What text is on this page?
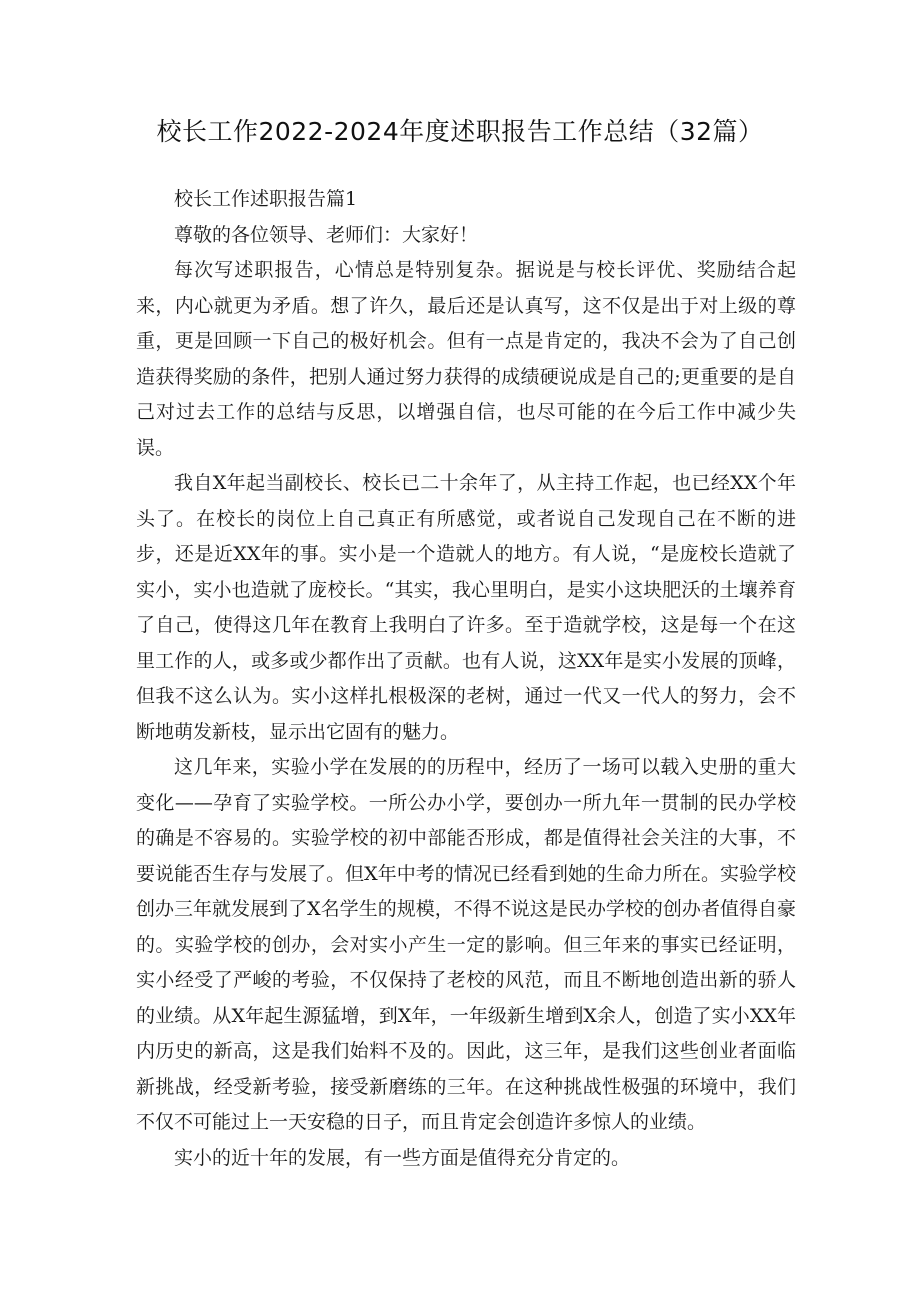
校长工作2022-2024年度述职报告工作总结（32篇）

校长工作述职报告篇1

尊敬的各位领导、老师们：大家好！

每次写述职报告，心情总是特别复杂。据说是与校长评优、奖励结合起来，内心就更为矛盾。想了许久，最后还是认真写，这不仅是出于对上级的尊重，更是回顾一下自己的极好机会。但有一点是肯定的，我决不会为了自己创造获得奖励的条件，把别人通过努力获得的成绩硬说成是自己的;更重要的是自己对过去工作的总结与反思，以增强自信，也尽可能的在今后工作中减少失误。

我自X年起当副校长、校长已二十余年了，从主持工作起，也已经XX个年头了。在校长的岗位上自己真正有所感觉，或者说自己发现自己在不断的进步，还是近XX年的事。实小是一个造就人的地方。有人说，“是庞校长造就了实小，实小也造就了庞校长。“其实，我心里明白，是实小这块肥沃的土壤养育了自己，使得这几年在教育上我明白了许多。至于造就学校，这是每一个在这里工作的人，或多或少都作出了贡献。也有人说，这XX年是实小发展的顶峰，但我不这么认为。实小这样扎根极深的老树，通过一代又一代人的努力，会不断地萌发新枝，显示出它固有的魅力。

这几年来，实验小学在发展的的历程中，经历了一场可以载入史册的重大变化——孕育了实验学校。一所公办小学，要创办一所九年一贯制的民办学校的确是不容易的。实验学校的初中部能否形成，都是值得社会关注的大事，不要说能否生存与发展了。但X年中考的情况已经看到她的生命力所在。实验学校创办三年就发展到了X名学生的规模，不得不说这是民办学校的创办者值得自豪的。实验学校的创办，会对实小产生一定的影响。但三年来的事实已经证明，实小经受了严峻的考验，不仅保持了老校的风范，而且不断地创造出新的骄人的业绩。从X年起生源猛增，到X年，一年级新生增到X余人，创造了实小XX年内历史的新高，这是我们始料不及的。因此，这三年，是我们这些创业者面临新挑战，经受新考验，接受新磨练的三年。在这种挑战性极强的环境中，我们不仅不可能过上一天安稳的日子，而且肯定会创造许多惊人的业绩。

实小的近十年的发展，有一些方面是值得充分肯定的。
